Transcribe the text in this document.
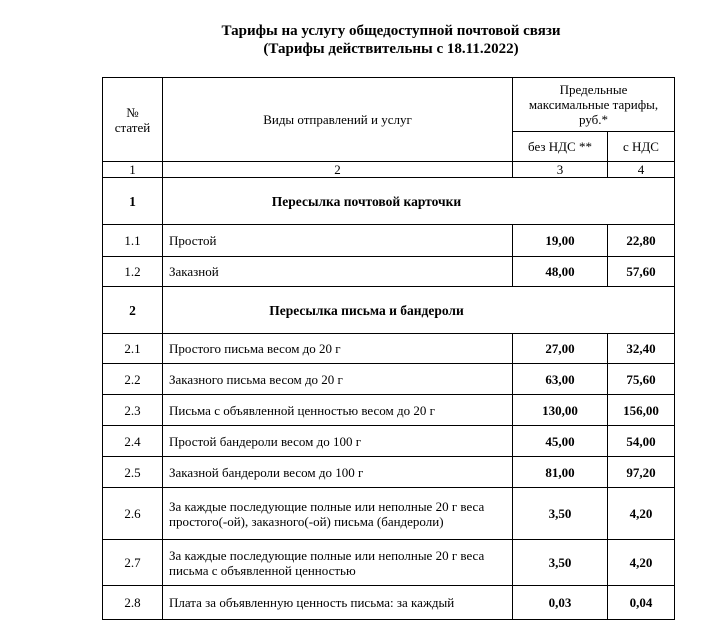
Тарифы на услугу общедоступной почтовой связи
(Тарифы действительны с 18.11.2022)
№ статей	Виды отправлений и услуг	Предельные максимальные тарифы, руб.*	
		без НДС **	с НДС
1	2	3	4
1	Пересылка почтовой карточки		
1.1	Простой	19,00	22,80
1.2	Заказной	48,00	57,60
2	Пересылка письма и бандероли		
2.1	Простого письма весом до 20 г	27,00	32,40
2.2	Заказного письма весом до 20 г	63,00	75,60
2.3	Письма с объявленной ценностью весом до 20 г	130,00	156,00
2.4	Простой бандероли весом до 100 г	45,00	54,00
2.5	Заказной бандероли весом до 100 г	81,00	97,20
2.6	За каждые последующие полные или неполные 20 г веса простого(-ой), заказного(-ой) письма (бандероли)	3,50	4,20
2.7	За каждые последующие полные или неполные 20 г веса письма с объявленной ценностью	3,50	4,20
2.8	Плата за объявленную ценность письма: за каждый	0,03	0,04
